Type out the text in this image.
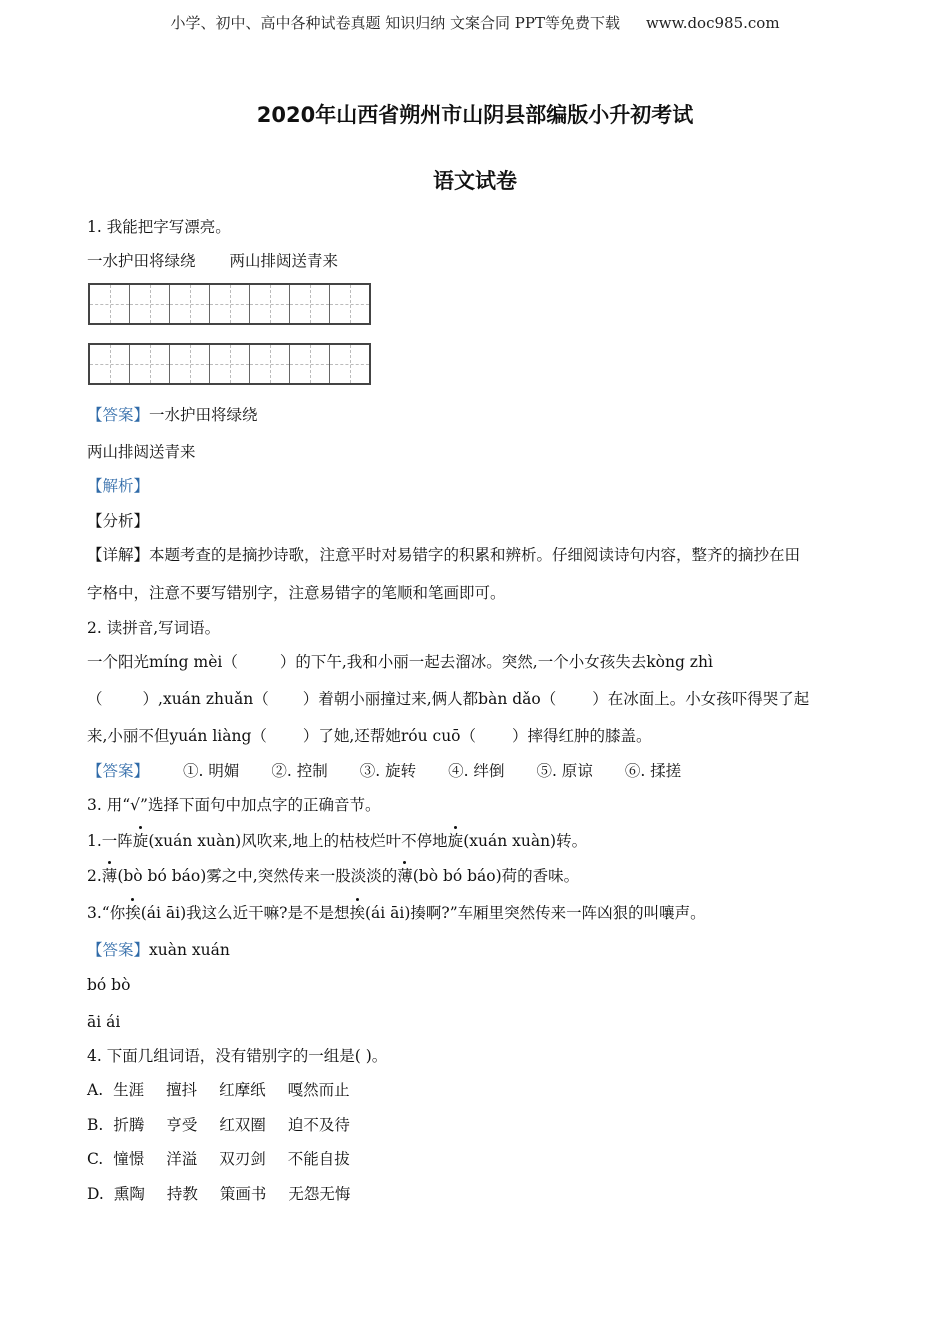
小学、初中、高中各种试卷真题 知识归纳 文案合同 PPT等免费下载 www.doc985.com
2020年山西省朔州市山阴县部编版小升初考试
语文试卷
1. 我能把字写漂亮。
一水护田将绿绕 两山排闼送青来
【答案】一水护田将绿绕
两山排闼送青来
【解析】
【分析】
【详解】本题考查的是摘抄诗歌，注意平时对易错字的积累和辨析。仔细阅读诗句内容，整齐的摘抄在田
字格中，注意不要写错别字，注意易错字的笔顺和笔画即可。
2. 读拼音,写词语。
一个阳光míng mèi（	）的下午,我和小丽一起去溜冰。突然,一个小女孩失去kòng zhì
（	）,xuán zhuǎn（ ）着朝小丽撞过来,俩人都bàn dǎo（ ）在冰面上。小女孩吓得哭了起
来,小丽不但yuán liàng（ ）了她,还帮她róu cuō（ ）摔得红肿的膝盖。
【答案】 ①. 明媚 ②. 控制 ③. 旋转 ④. 绊倒 ⑤. 原谅 ⑥. 揉搓
3. 用“√”选择下面句中加点字的正确音节。
1.一阵旋(xuán xuàn)风吹来,地上的枯枝烂叶不停地旋(xuán xuàn)转。
2.薄(bò bó báo)雾之中,突然传来一股淡淡的薄(bò bó báo)荷的香味。
3.“你挨(ái āi)我这么近干嘛?是不是想挨(ái āi)揍啊?”车厢里突然传来一阵凶狠的叫嚷声。
【答案】xuàn xuán
bó bò
āi ái
4. 下面几组词语，没有错别字的一组是( )。
A. 生涯 擅抖 红摩纸 嘎然而止
B. 折腾 亨受 红双圈 迫不及待
C. 憧憬 洋溢 双刃剑 不能自拔
D. 熏陶 持教 策画书 无怨无悔
